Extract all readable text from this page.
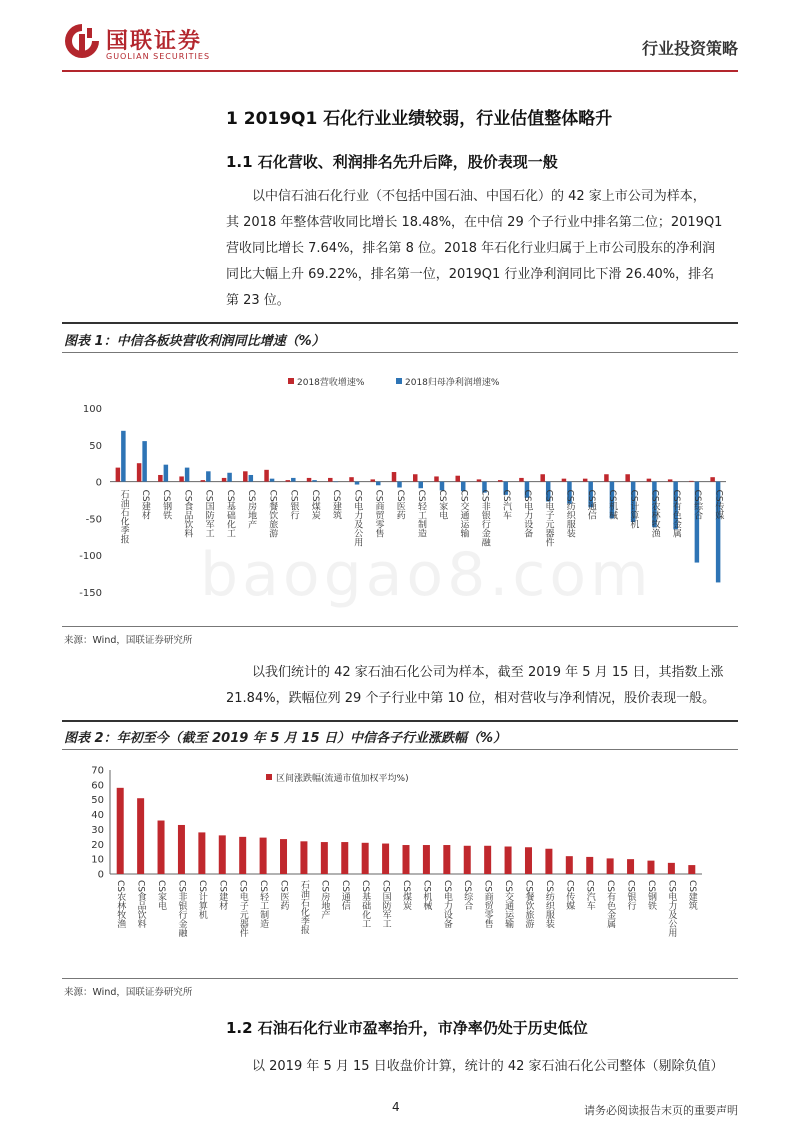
国联证券
GUOLIAN SECURITIES	行业投资策略
1 2019Q1 石化行业业绩较弱，行业估值整体略升
1.1 石化营收、利润排名先升后降，股价表现一般
以中信石油石化行业（不包括中国石油、中国石化）的 42 家上市公司为样本，
其 2018 年整体营收同比增长 18.48%，在中信 29 个子行业中排名第二位；2019Q1
营收同比增长 7.64%，排名第 8 位。2018 年石化行业归属于上市公司股东的净利润
同比大幅上升 69.22%，排名第一位，2019Q1 行业净利润同比下滑 26.40%，排名
第 23 位。
图表 1：中信各板块营收利润同比增速（%）
2018营收增速%	2018归母净利润增速%
100
50
0
-50
-100
-150
石油石化季报 CS建材 CS钢铁 CS食品饮料 CS国防军工 CS基础化工 CS房地产 CS餐饮旅游 CS银行 CS煤炭 CS建筑 CS电力及公用 CS商贸零售 CS医药 CS轻工制造 CS家电 CS交通运输 CS非银行金融 CS汽车 CS电力设备 CS电子元器件 CS纺织服装 CS通信 CS机械 CS计算机 CS农林牧渔 CS有色金属 CS综合 CS传媒
来源：Wind，国联证券研究所
以我们统计的 42 家石油石化公司为样本，截至 2019 年 5 月 15 日，其指数上涨
21.84%，跌幅位列 29 个子行业中第 10 位，相对营收与净利情况，股价表现一般。
图表 2：年初至今（截至 2019 年 5 月 15 日）中信各子行业涨跌幅（%）
区间涨跌幅(流通市值加权平均%)
70
60
50
40
30
20
10
0
CS农林牧渔 CS食品饮料 CS家电 CS非银行金融 CS计算机 CS建材 CS电子元器件 CS轻工制造 CS医药 石油石化季报 CS房地产 CS通信 CS基础化工 CS国防军工 CS煤炭 CS机械 CS电力设备 CS综合 CS商贸零售 CS交通运输 CS餐饮旅游 CS纺织服装 CS传媒 CS汽车 CS有色金属 CS银行 CS钢铁 CS电力及公用 CS建筑
来源：Wind，国联证券研究所
1.2 石油石化行业市盈率抬升，市净率仍处于历史低位
以 2019 年 5 月 15 日收盘价计算，统计的 42 家石油石化公司整体（剔除负值）
4	请务必阅读报告末页的重要声明
baogao8.com
